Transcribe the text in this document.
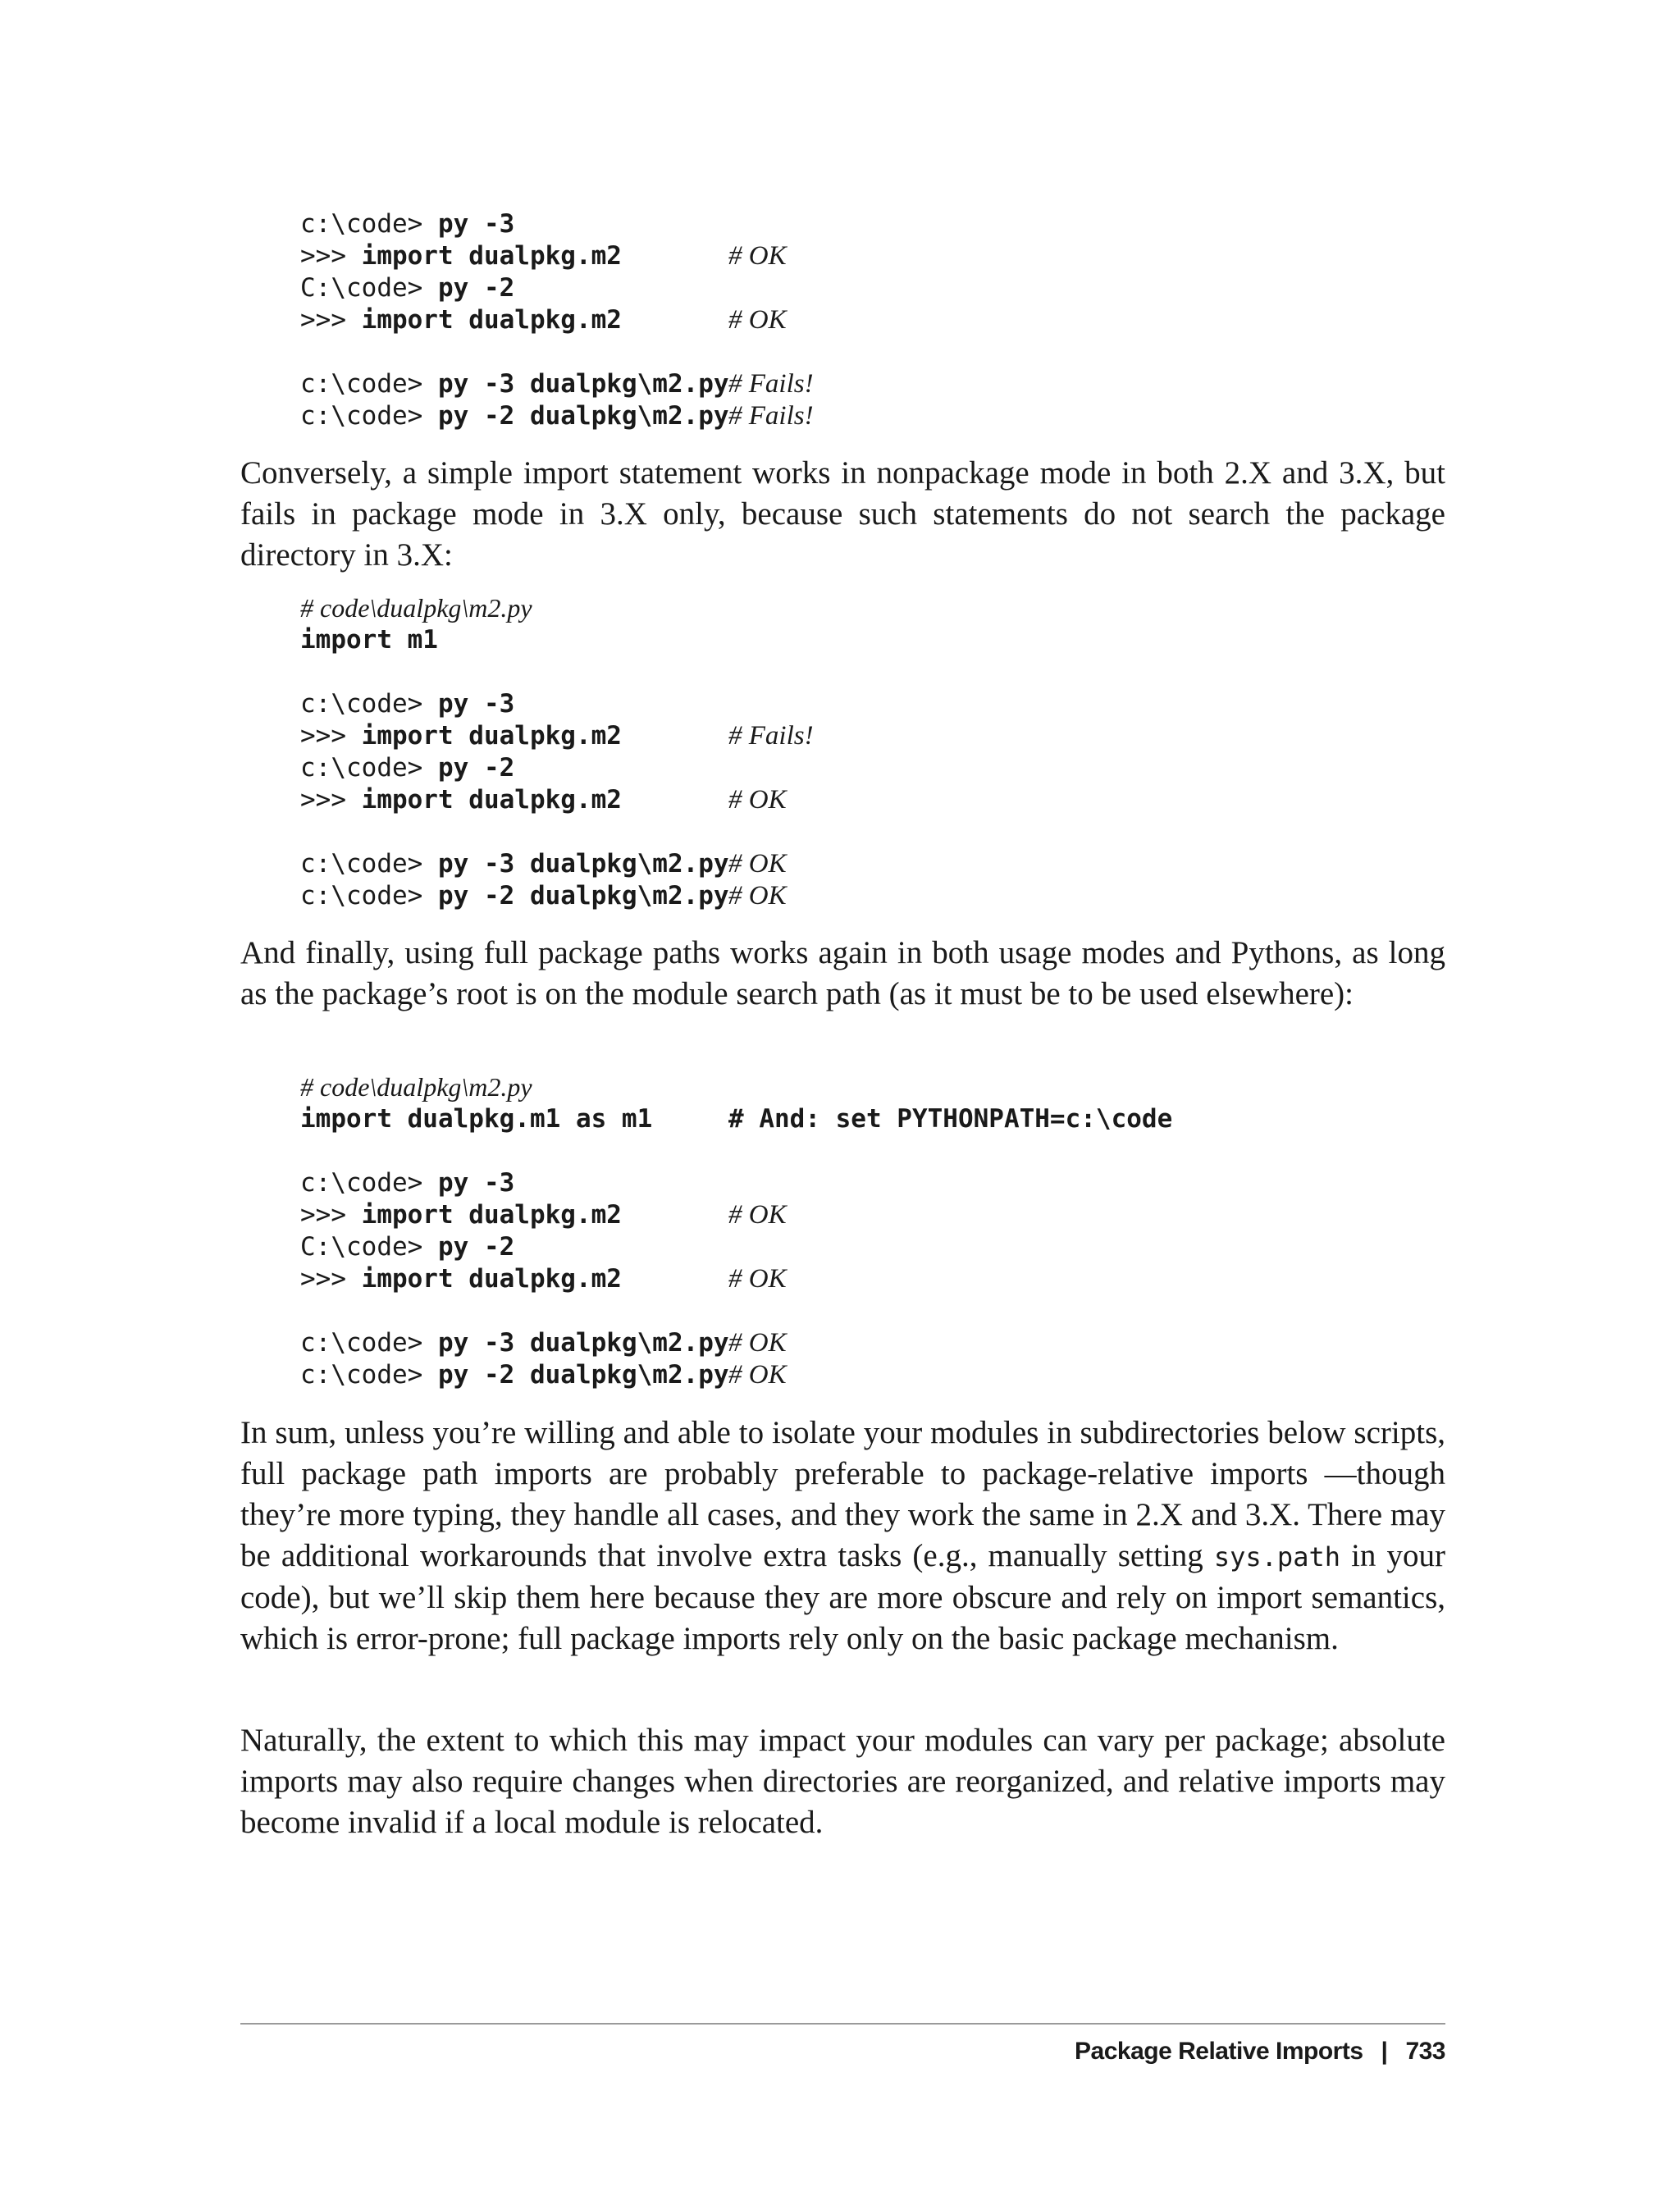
c:\code> py -3
>>> import dualpkg.m2	# OK
C:\code> py -2
>>> import dualpkg.m2	# OK
c:\code> py -3 dualpkg\m2.py # Fails!
c:\code> py -2 dualpkg\m2.py # Fails!

Conversely, a simple import statement works in nonpackage mode in both 2.X and 3.X, but fails in package mode in 3.X only, because such statements do not search the package directory in 3.X:

# code\dualpkg\m2.py
import m1
c:\code> py -3
>>> import dualpkg.m2	# Fails!
c:\code> py -2
>>> import dualpkg.m2	# OK
c:\code> py -3 dualpkg\m2.py # OK
c:\code> py -2 dualpkg\m2.py # OK

And finally, using full package paths works again in both usage modes and Pythons, as long as the package’s root is on the module search path (as it must be to be used elsewhere):

# code\dualpkg\m2.py
import dualpkg.m1 as m1	# And: set PYTHONPATH=c:\code
c:\code> py -3
>>> import dualpkg.m2	# OK
C:\code> py -2
>>> import dualpkg.m2	# OK
c:\code> py -3 dualpkg\m2.py # OK
c:\code> py -2 dualpkg\m2.py # OK

In sum, unless you’re willing and able to isolate your modules in subdirectories below scripts, full package path imports are probably preferable to package-relative imports —though they’re more typing, they handle all cases, and they work the same in 2.X and 3.X. There may be additional workarounds that involve extra tasks (e.g., manually setting sys.path in your code), but we’ll skip them here because they are more obscure and rely on import semantics, which is error-prone; full package imports rely only on the basic package mechanism.

Naturally, the extent to which this may impact your modules can vary per package; absolute imports may also require changes when directories are reorganized, and relative imports may become invalid if a local module is relocated.

Package Relative Imports | 733
